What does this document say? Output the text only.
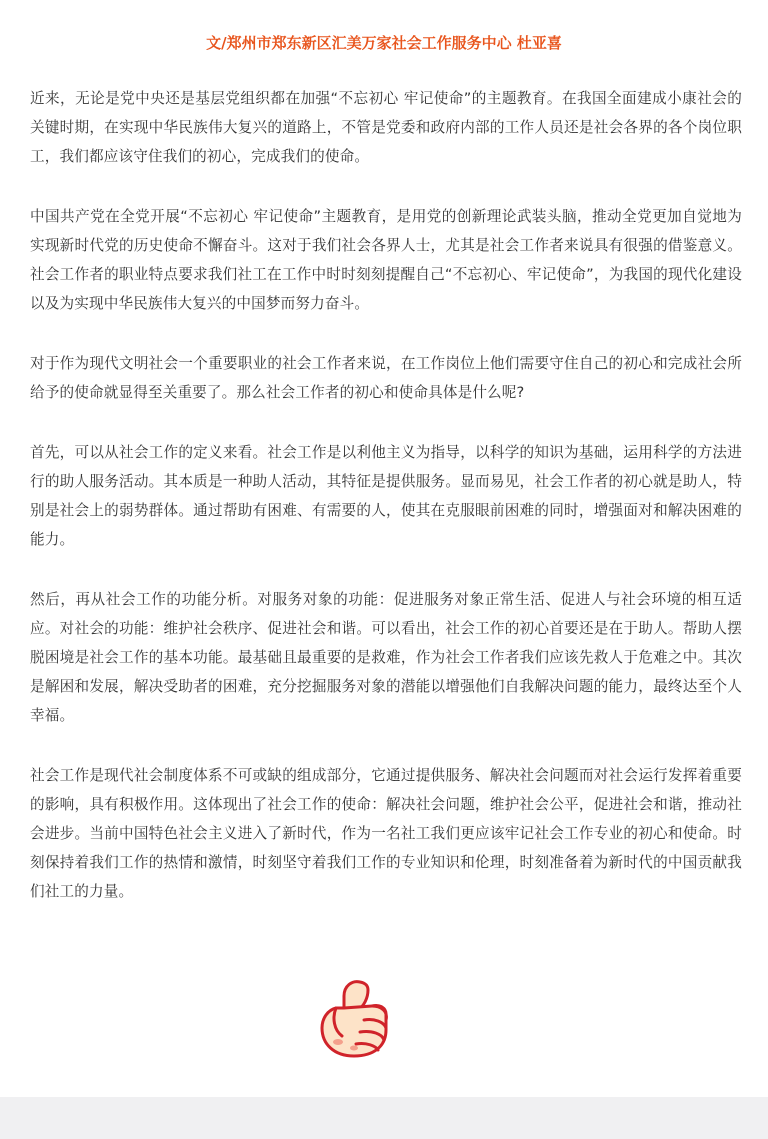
文/郑州市郑东新区汇美万家社会工作服务中心 杜亚喜

近来，无论是党中央还是基层党组织都在加强“不忘初心 牢记使命”的主题教育。在我国全面建成小康社会的关键时期，在实现中华民族伟大复兴的道路上，不管是党委和政府内部的工作人员还是社会各界的各个岗位职工，我们都应该守住我们的初心，完成我们的使命。

中国共产党在全党开展“不忘初心 牢记使命”主题教育，是用党的创新理论武装头脑，推动全党更加自觉地为实现新时代党的历史使命不懈奋斗。这对于我们社会各界人士，尤其是社会工作者来说具有很强的借鉴意义。社会工作者的职业特点要求我们社工在工作中时时刻刻提醒自己“不忘初心、牢记使命”，为我国的现代化建设以及为实现中华民族伟大复兴的中国梦而努力奋斗。

对于作为现代文明社会一个重要职业的社会工作者来说，在工作岗位上他们需要守住自己的初心和完成社会所给予的使命就显得至关重要了。那么社会工作者的初心和使命具体是什么呢?

首先，可以从社会工作的定义来看。社会工作是以利他主义为指导，以科学的知识为基础，运用科学的方法进行的助人服务活动。其本质是一种助人活动，其特征是提供服务。显而易见，社会工作者的初心就是助人，特别是社会上的弱势群体。通过帮助有困难、有需要的人，使其在克服眼前困难的同时，增强面对和解决困难的能力。

然后，再从社会工作的功能分析。对服务对象的功能：促进服务对象正常生活、促进人与社会环境的相互适应。对社会的功能：维护社会秩序、促进社会和谐。可以看出，社会工作的初心首要还是在于助人。帮助人摆脱困境是社会工作的基本功能。最基础且最重要的是救难，作为社会工作者我们应该先救人于危难之中。其次是解困和发展，解决受助者的困难，充分挖掘服务对象的潜能以增强他们自我解决问题的能力，最终达至个人幸福。

社会工作是现代社会制度体系不可或缺的组成部分，它通过提供服务、解决社会问题而对社会运行发挥着重要的影响，具有积极作用。这体现出了社会工作的使命：解决社会问题，维护社会公平，促进社会和谐，推动社会进步。当前中国特色社会主义进入了新时代，作为一名社工我们更应该牢记社会工作专业的初心和使命。时刻保持着我们工作的热情和激情，时刻坚守着我们工作的专业知识和伦理，时刻准备着为新时代的中国贡献我们社工的力量。
